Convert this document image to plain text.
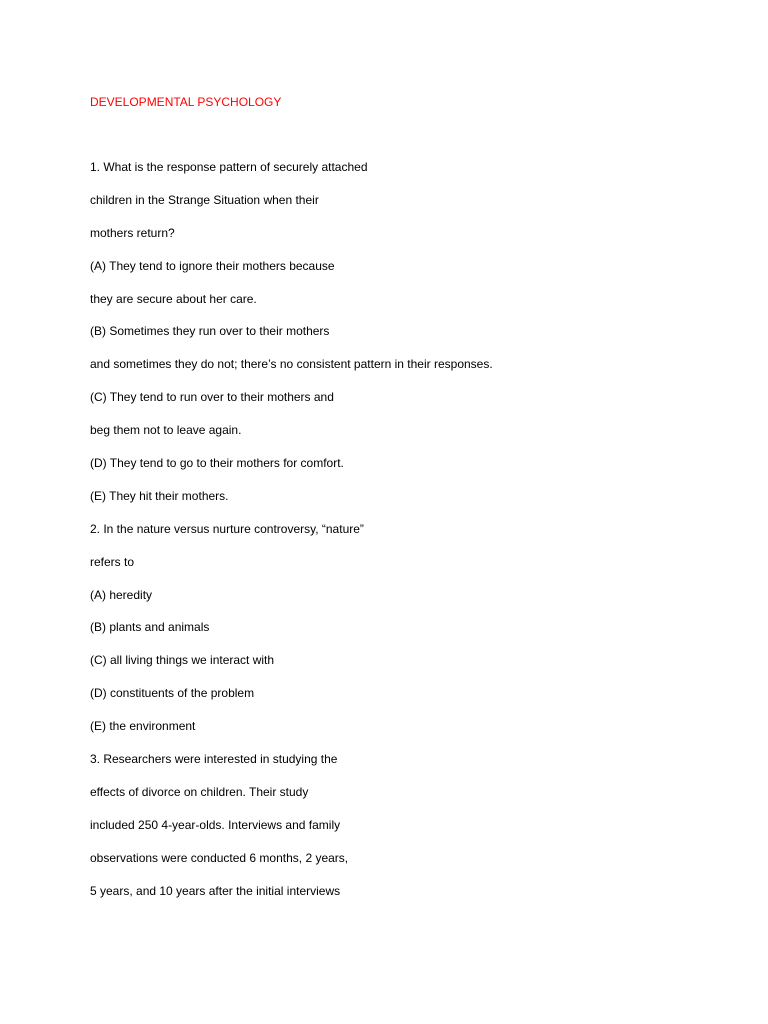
DEVELOPMENTAL PSYCHOLOGY
1. What is the response pattern of securely attached
children in the Strange Situation when their
mothers return?
(A) They tend to ignore their mothers because
they are secure about her care.
(B) Sometimes they run over to their mothers
and sometimes they do not; there’s no consistent pattern in their responses.
(C) They tend to run over to their mothers and
beg them not to leave again.
(D) They tend to go to their mothers for comfort.
(E) They hit their mothers.
2. In the nature versus nurture controversy, “nature”
refers to
(A) heredity
(B) plants and animals
(C) all living things we interact with
(D) constituents of the problem
(E) the environment
3. Researchers were interested in studying the
effects of divorce on children. Their study
included 250 4-year-olds. Interviews and family
observations were conducted 6 months, 2 years,
5 years, and 10 years after the initial interviews
